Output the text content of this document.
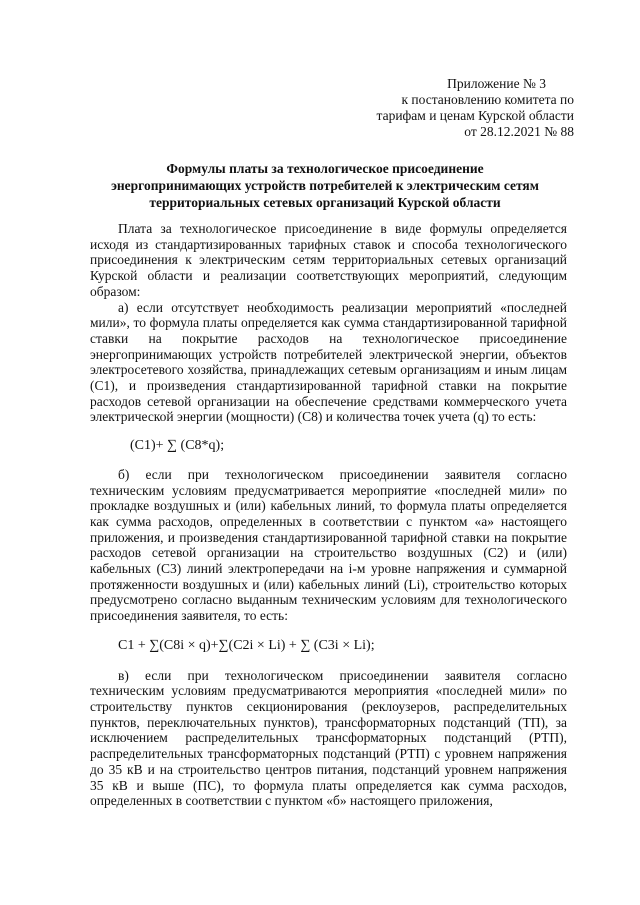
Приложение № 3
к постановлению комитета по
тарифам и ценам Курской области
от 28.12.2021 № 88
Формулы платы за технологическое присоединение
энергопринимающих устройств потребителей к электрическим сетям
территориальных сетевых организаций Курской области

Плата за технологическое присоединение в виде формулы определяется исходя из стандартизированных тарифных ставок и способа технологического присоединения к электрическим сетям территориальных сетевых организаций Курской области и реализации соответствующих мероприятий, следующим образом:

а) если отсутствует необходимость реализации мероприятий «последней мили», то формула платы определяется как сумма стандартизированной тарифной ставки на покрытие расходов на технологическое присоединение энергопринимающих устройств потребителей электрической энергии, объектов электросетевого хозяйства, принадлежащих сетевым организациям и иным лицам (С1), и произведения стандартизированной тарифной ставки на покрытие расходов сетевой организации на обеспечение средствами коммерческого учета электрической энергии (мощности) (С8) и количества точек учета (q) то есть:

(С1)+ ∑ (С8*q);

б) если при технологическом присоединении заявителя согласно техническим условиям предусматривается мероприятие «последней мили» по прокладке воздушных и (или) кабельных линий, то формула платы определяется как сумма расходов, определенных в соответствии с пунктом «а» настоящего приложения, и произведения стандартизированной тарифной ставки на покрытие расходов сетевой организации на строительство воздушных (С2) и (или) кабельных (С3) линий электропередачи на i-м уровне напряжения и суммарной протяженности воздушных и (или) кабельных линий (Li), строительство которых предусмотрено согласно выданным техническим условиям для технологического присоединения заявителя, то есть:

С1 + ∑(С8i × q)+∑(С2i × Li) + ∑ (С3i × Li);

в) если при технологическом присоединении заявителя согласно техническим условиям предусматриваются мероприятия «последней мили» по строительству пунктов секционирования (реклоузеров, распределительных пунктов, переключательных пунктов), трансформаторных подстанций (ТП), за исключением распределительных трансформаторных подстанций (РТП), распределительных трансформаторных подстанций (РТП) с уровнем напряжения до 35 кВ и на строительство центров питания, подстанций уровнем напряжения 35 кВ и выше (ПС), то формула платы определяется как сумма расходов, определенных в соответствии с пунктом «б» настоящего приложения,
